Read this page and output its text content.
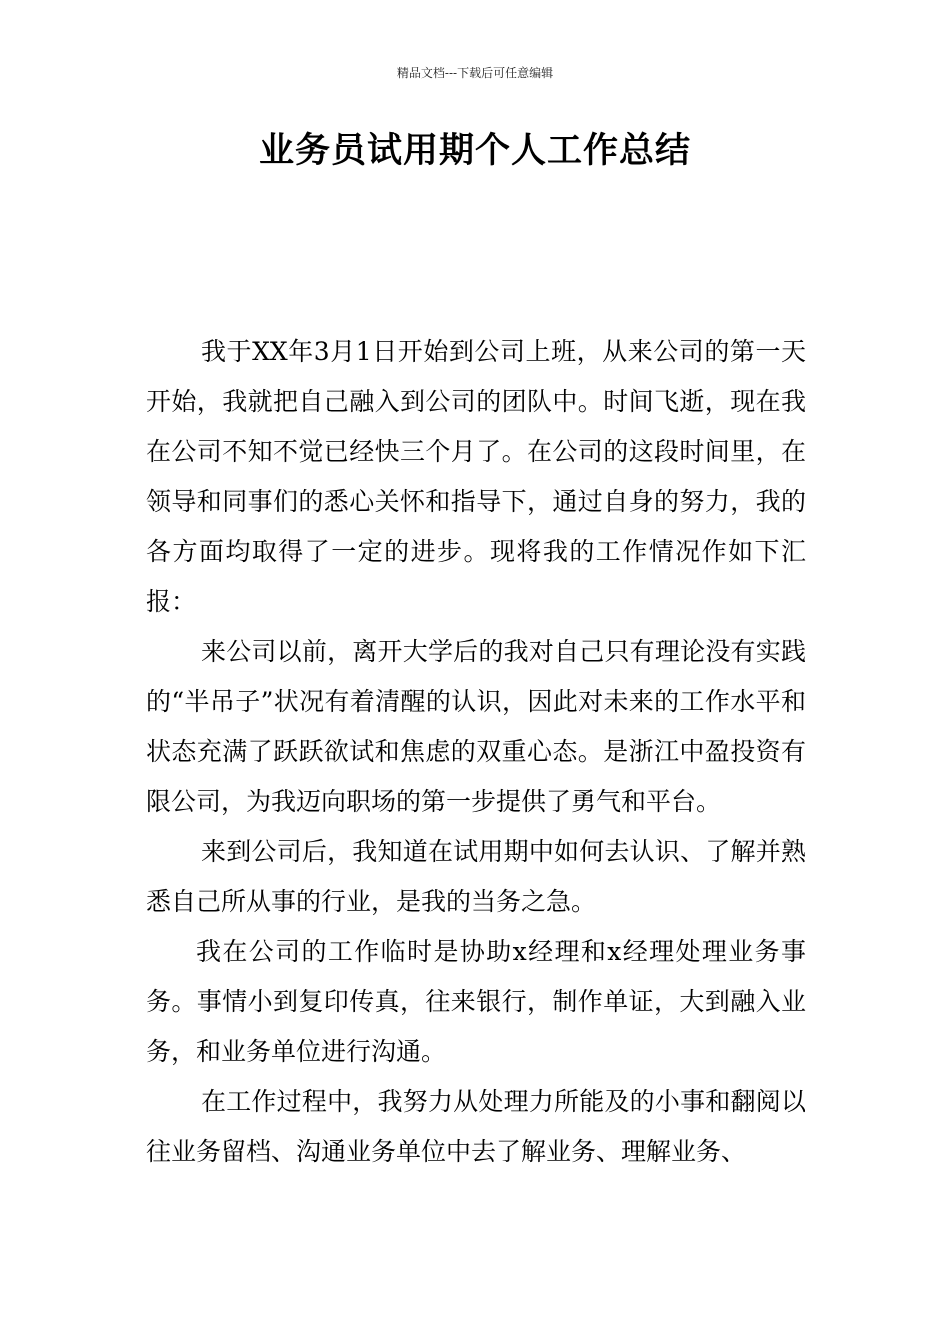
精品文档---下载后可任意编辑
业务员试用期个人工作总结

我于XX年3月1日开始到公司上班，从来公司的第一天开始，我就把自己融入到公司的团队中。时间飞逝，现在我在公司不知不觉已经快三个月了。在公司的这段时间里，在领导和同事们的悉心关怀和指导下，通过自身的努力，我的各方面均取得了一定的进步。现将我的工作情况作如下汇报：

来公司以前，离开大学后的我对自己只有理论没有实践的“半吊子”状况有着清醒的认识，因此对未来的工作水平和状态充满了跃跃欲试和焦虑的双重心态。是浙江中盈投资有限公司，为我迈向职场的第一步提供了勇气和平台。

来到公司后，我知道在试用期中如何去认识、了解并熟悉自己所从事的行业，是我的当务之急。

我在公司的工作临时是协助x经理和x经理处理业务事务。事情小到复印传真，往来银行，制作单证，大到融入业务，和业务单位进行沟通。

在工作过程中，我努力从处理力所能及的小事和翻阅以往业务留档、沟通业务单位中去了解业务、理解业务、
